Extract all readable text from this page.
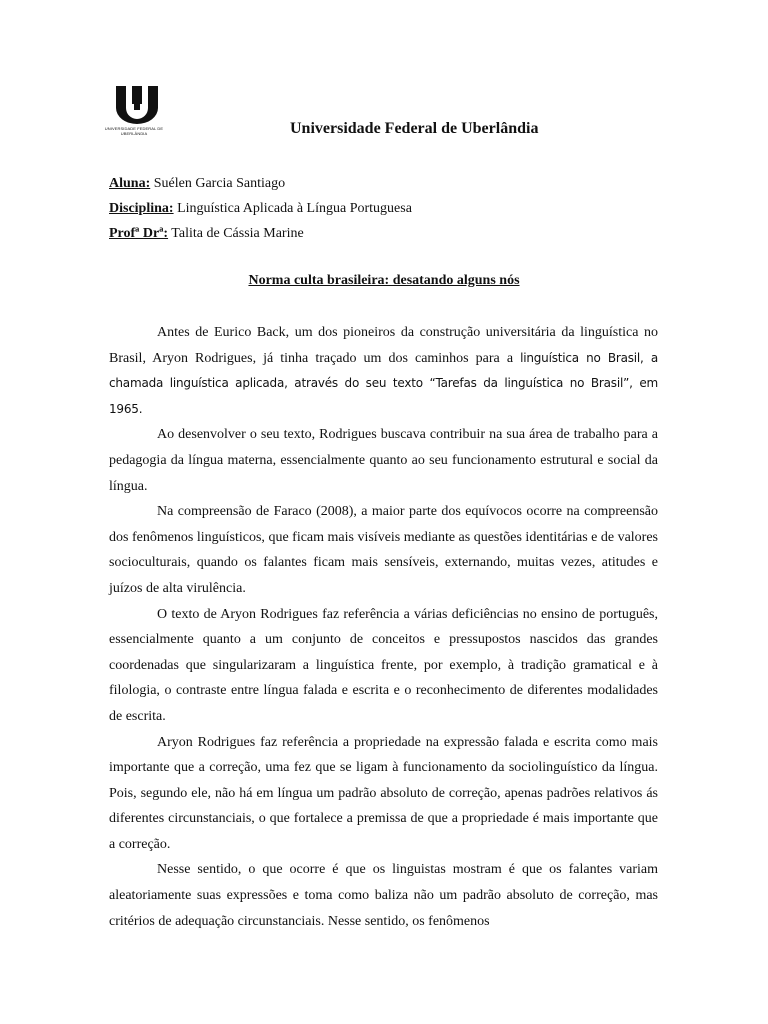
UNIVERSIDADE FEDERAL DE UBERLÂNDIA	Universidade Federal de Uberlândia
Aluna: Suélen Garcia Santiago
Disciplina: Linguística Aplicada à Língua Portuguesa
Profª Drª: Talita de Cássia Marine
Norma culta brasileira: desatando alguns nós

Antes de Eurico Back, um dos pioneiros da construção universitária da linguística no Brasil, Aryon Rodrigues, já tinha traçado um dos caminhos para a linguística no Brasil, a chamada linguística aplicada, através do seu texto “Tarefas da linguística no Brasil”, em 1965.

Ao desenvolver o seu texto, Rodrigues buscava contribuir na sua área de trabalho para a pedagogia da língua materna, essencialmente quanto ao seu funcionamento estrutural e social da língua.

Na compreensão de Faraco (2008), a maior parte dos equívocos ocorre na compreensão dos fenômenos linguísticos, que ficam mais visíveis mediante as questões identitárias e de valores socioculturais, quando os falantes ficam mais sensíveis, externando, muitas vezes, atitudes e juízos de alta virulência.

O texto de Aryon Rodrigues faz referência a várias deficiências no ensino de português, essencialmente quanto a um conjunto de conceitos e pressupostos nascidos das grandes coordenadas que singularizaram a linguística frente, por exemplo, à tradição gramatical e à filologia, o contraste entre língua falada e escrita e o reconhecimento de diferentes modalidades de escrita.

Aryon Rodrigues faz referência a propriedade na expressão falada e escrita como mais importante que a correção, uma fez que se ligam à funcionamento da sociolinguístico da língua. Pois, segundo ele, não há em língua um padrão absoluto de correção, apenas padrões relativos ás diferentes circunstanciais, o que fortalece a premissa de que a propriedade é mais importante que a correção.

Nesse sentido, o que ocorre é que os linguistas mostram é que os falantes variam aleatoriamente suas expressões e toma como baliza não um padrão absoluto de correção, mas critérios de adequação circunstanciais. Nesse sentido, os fenômenos
